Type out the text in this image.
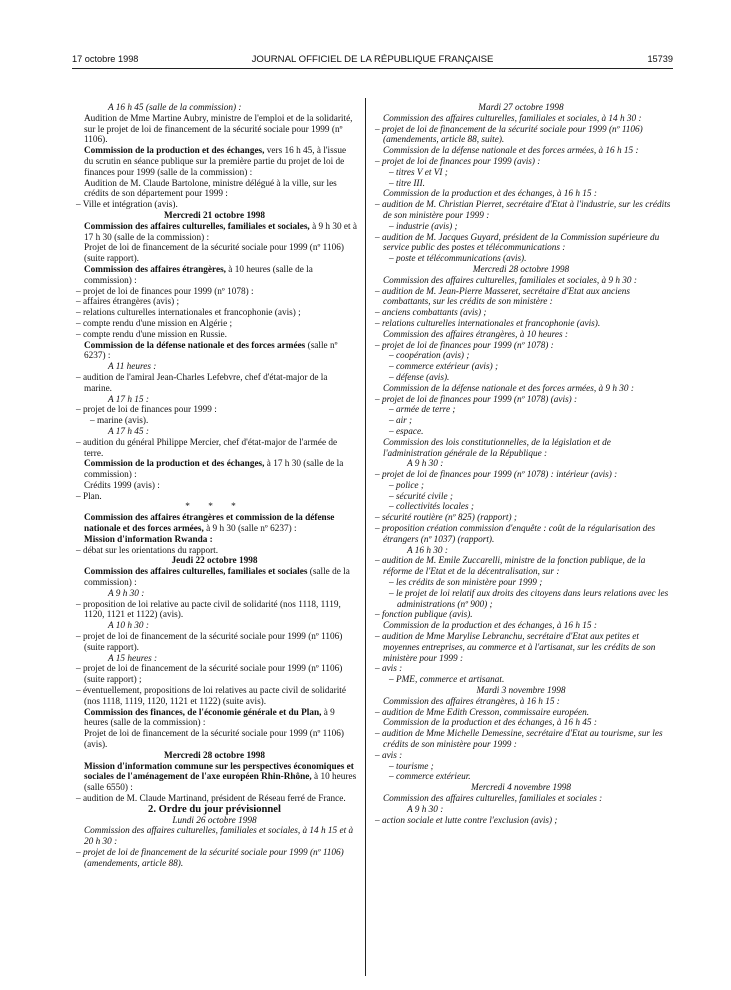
17 octobre 1998	JOURNAL OFFICIEL DE LA RÉPUBLIQUE FRANÇAISE	15739
A 16 h 45 (salle de la commission) :
Audition de Mme Martine Aubry, ministre de l'emploi et de la solidarité, sur le projet de loi de financement de la sécurité sociale pour 1999 (nº 1106).
Commission de la production et des échanges, vers 16 h 45, à l'issue du scrutin en séance publique sur la première partie du projet de loi de finances pour 1999 (salle de la commission) :
Audition de M. Claude Bartolone, ministre délégué à la ville, sur les crédits de son département pour 1999 :
– Ville et intégration (avis).
Mercredi 21 octobre 1998
Commission des affaires culturelles, familiales et sociales, à 9 h 30 et à 17 h 30 (salle de la commission) :
Projet de loi de financement de la sécurité sociale pour 1999 (nº 1106) (suite rapport).
Commission des affaires étrangères, à 10 heures (salle de la commission) :
– projet de loi de finances pour 1999 (nº 1078) :
– affaires étrangères (avis) ;
– relations culturelles internationales et francophonie (avis) ;
– compte rendu d'une mission en Algérie ;
– compte rendu d'une mission en Russie.
Commission de la défense nationale et des forces armées (salle nº 6237) :
A 11 heures :
– audition de l'amiral Jean-Charles Lefebvre, chef d'état-major de la marine.
A 17 h 15 :
– projet de loi de finances pour 1999 :
– marine (avis).
A 17 h 45 :
– audition du général Philippe Mercier, chef d'état-major de l'armée de terre.
Commission de la production et des échanges, à 17 h 30 (salle de la commission) :
Crédits 1999 (avis) :
– Plan.
* * *
Commission des affaires étrangères et commission de la défense nationale et des forces armées, à 9 h 30 (salle nº 6237) :
Mission d'information Rwanda :
– débat sur les orientations du rapport.
Jeudi 22 octobre 1998
Commission des affaires culturelles, familiales et sociales (salle de la commission) :
A 9 h 30 :
– proposition de loi relative au pacte civil de solidarité (nos 1118, 1119, 1120, 1121 et 1122) (avis).
A 10 h 30 :
– projet de loi de financement de la sécurité sociale pour 1999 (nº 1106) (suite rapport).
A 15 heures :
– projet de loi de financement de la sécurité sociale pour 1999 (nº 1106) (suite rapport) ;
– éventuellement, propositions de loi relatives au pacte civil de solidarité (nos 1118, 1119, 1120, 1121 et 1122) (suite avis).
Commission des finances, de l'économie générale et du Plan, à 9 heures (salle de la commission) :
Projet de loi de financement de la sécurité sociale pour 1999 (nº 1106) (avis).
Mercredi 28 octobre 1998
Mission d'information commune sur les perspectives économiques et sociales de l'aménagement de l'axe européen Rhin-Rhône, à 10 heures (salle 6550) :
– audition de M. Claude Martinand, président de Réseau ferré de France.
2. Ordre du jour prévisionnel
Lundi 26 octobre 1998
Commission des affaires culturelles, familiales et sociales, à 14 h 15 et à 20 h 30 :
– projet de loi de financement de la sécurité sociale pour 1999 (nº 1106) (amendements, article 88).
Mardi 27 octobre 1998
Commission des affaires culturelles, familiales et sociales, à 14 h 30 :
– projet de loi de financement de la sécurité sociale pour 1999 (nº 1106) (amendements, article 88, suite).
Commission de la défense nationale et des forces armées, à 16 h 15 :
– projet de loi de finances pour 1999 (avis) :
– titres V et VI ;
– titre III.
Commission de la production et des échanges, à 16 h 15 :
– audition de M. Christian Pierret, secrétaire d'Etat à l'industrie, sur les crédits de son ministère pour 1999 :
– industrie (avis) ;
– audition de M. Jacques Guyard, président de la Commission supérieure du service public des postes et télécommunications :
– poste et télécommunications (avis).
Mercredi 28 octobre 1998
Commission des affaires culturelles, familiales et sociales, à 9 h 30 :
– audition de M. Jean-Pierre Masseret, secrétaire d'Etat aux anciens combattants, sur les crédits de son ministère :
– anciens combattants (avis) ;
– relations culturelles internationales et francophonie (avis).
Commission des affaires étrangères, à 10 heures :
– projet de loi de finances pour 1999 (nº 1078) :
– coopération (avis) ;
– commerce extérieur (avis) ;
– défense (avis).
Commission de la défense nationale et des forces armées, à 9 h 30 :
– projet de loi de finances pour 1999 (nº 1078) (avis) :
– armée de terre ;
– air ;
– espace.
Commission des lois constitutionnelles, de la législation et de l'administration générale de la République :
A 9 h 30 :
– projet de loi de finances pour 1999 (nº 1078) : intérieur (avis) :
– police ;
– sécurité civile ;
– collectivités locales ;
– sécurité routière (nº 825) (rapport) ;
– proposition création commission d'enquête : coût de la régularisation des étrangers (nº 1037) (rapport).
A 16 h 30 :
– audition de M. Emile Zuccarelli, ministre de la fonction publique, de la réforme de l'Etat et de la décentralisation, sur :
– les crédits de son ministère pour 1999 ;
– le projet de loi relatif aux droits des citoyens dans leurs relations avec les administrations (nº 900) ;
– fonction publique (avis).
Commission de la production et des échanges, à 16 h 15 :
– audition de Mme Marylise Lebranchu, secrétaire d'Etat aux petites et moyennes entreprises, au commerce et à l'artisanat, sur les crédits de son ministère pour 1999 :
– avis :
– PME, commerce et artisanat.
Mardi 3 novembre 1998
Commission des affaires étrangères, à 16 h 15 :
– audition de Mme Edith Cresson, commissaire européen.
Commission de la production et des échanges, à 16 h 45 :
– audition de Mme Michelle Demessine, secrétaire d'Etat au tourisme, sur les crédits de son ministère pour 1999 :
– avis :
– tourisme ;
– commerce extérieur.
Mercredi 4 novembre 1998
Commission des affaires culturelles, familiales et sociales :
A 9 h 30 :
– action sociale et lutte contre l'exclusion (avis) ;
